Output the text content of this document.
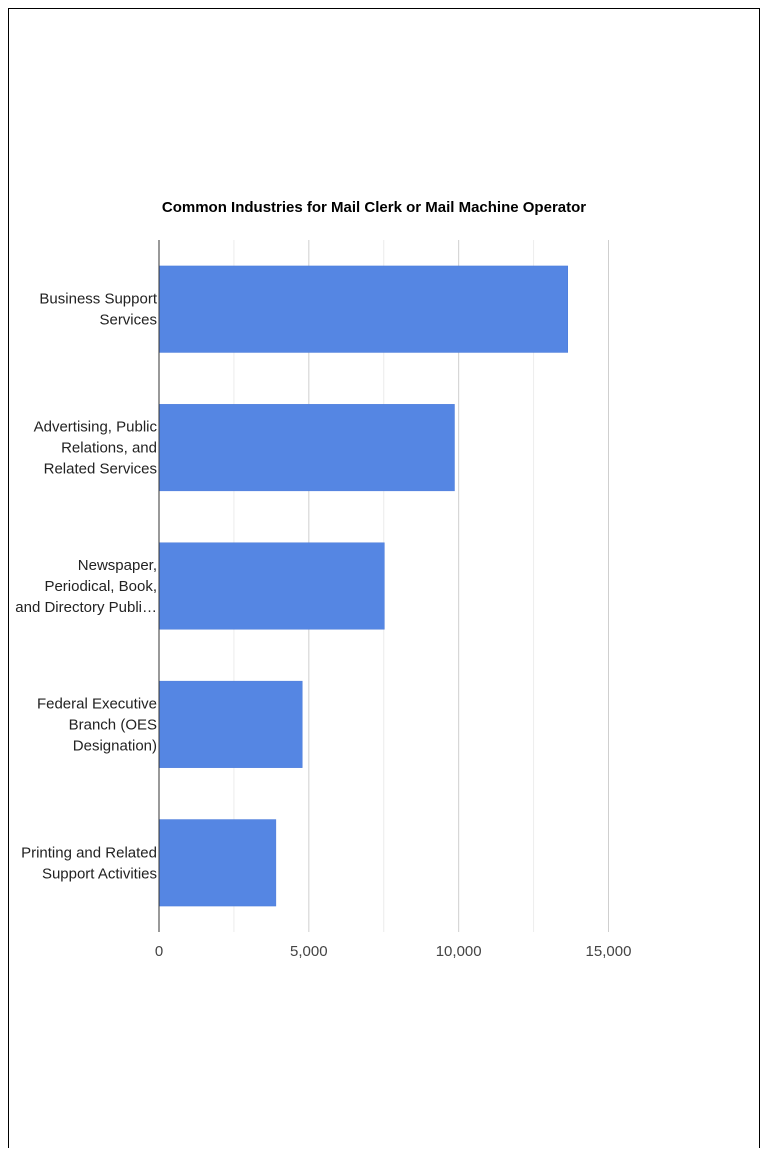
Common Industries for Mail Clerk or Mail Machine Operator
Business Support Services
Advertising, Public Relations, and Related Services
Newspaper, Periodical, Book, and Directory Publi…
Federal Executive Branch (OES Designation)
Printing and Related Support Activities
0	5,000	10,000	15,000
